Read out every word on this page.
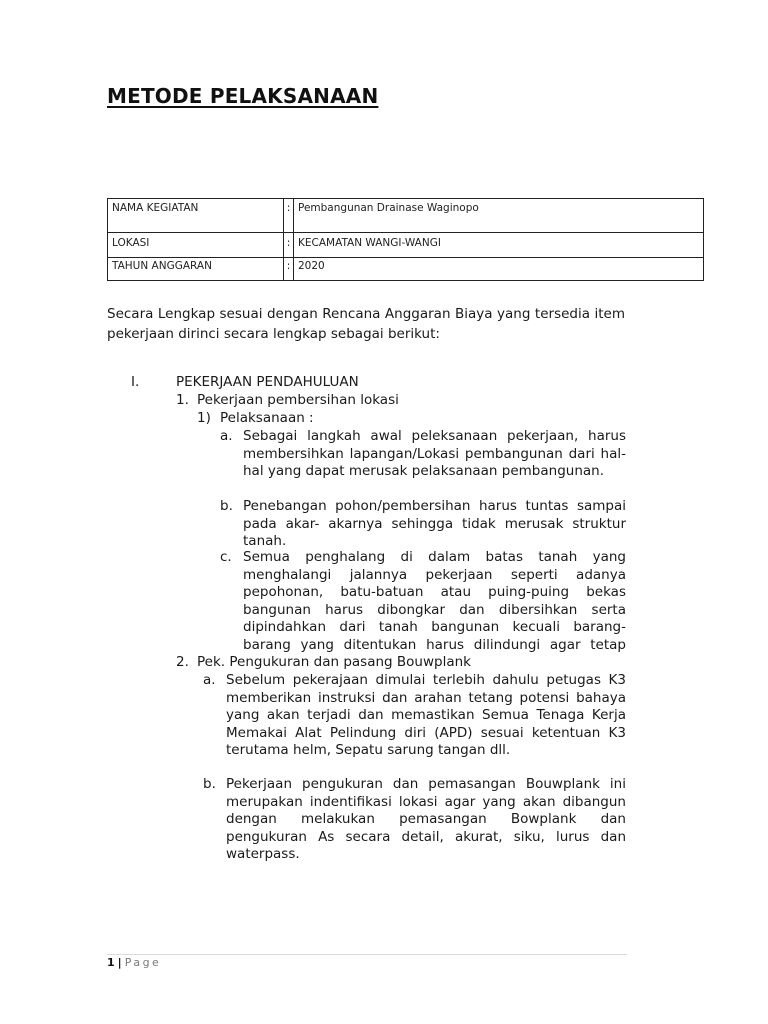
METODE PELAKSANAAN
NAMA KEGIATAN	:	Pembangunan Drainase Waginopo
LOKASI	:	KECAMATAN WANGI-WANGI
TAHUN ANGGARAN	:	2020

Secara Lengkap sesuai dengan Rencana Anggaran Biaya yang tersedia item pekerjaan dirinci secara lengkap sebagai berikut:

I.	PEKERJAAN PENDAHULUAN
1. Pekerjaan pembersihan lokasi
1) Pelaksanaan :
a. Sebagai langkah awal peleksanaan pekerjaan, harus membersihkan lapangan/Lokasi pembangunan dari hal-hal yang dapat merusak pelaksanaan pembangunan.
b. Penebangan pohon/pembersihan harus tuntas sampai pada akar- akarnya sehingga tidak merusak struktur tanah.
c. Semua penghalang di dalam batas tanah yang menghalangi jalannya pekerjaan seperti adanya pepohonan, batu-batuan atau puing-puing bekas bangunan harus dibongkar dan dibersihkan serta dipindahkan dari tanah bangunan kecuali barang-barang yang ditentukan harus dilindungi agar tetap
2. Pek. Pengukuran dan pasang Bouwplank
a. Sebelum pekerajaan dimulai terlebih dahulu petugas K3 memberikan instruksi dan arahan tetang potensi bahaya yang akan terjadi dan memastikan Semua Tenaga Kerja Memakai Alat Pelindung diri (APD) sesuai ketentuan K3 terutama helm, Sepatu sarung tangan dll.
b. Pekerjaan pengukuran dan pemasangan Bouwplank ini merupakan indentifikasi lokasi agar yang akan dibangun dengan melakukan pemasangan Bowplank dan pengukuran As secara detail, akurat, siku, lurus dan waterpass.
1 | Page
